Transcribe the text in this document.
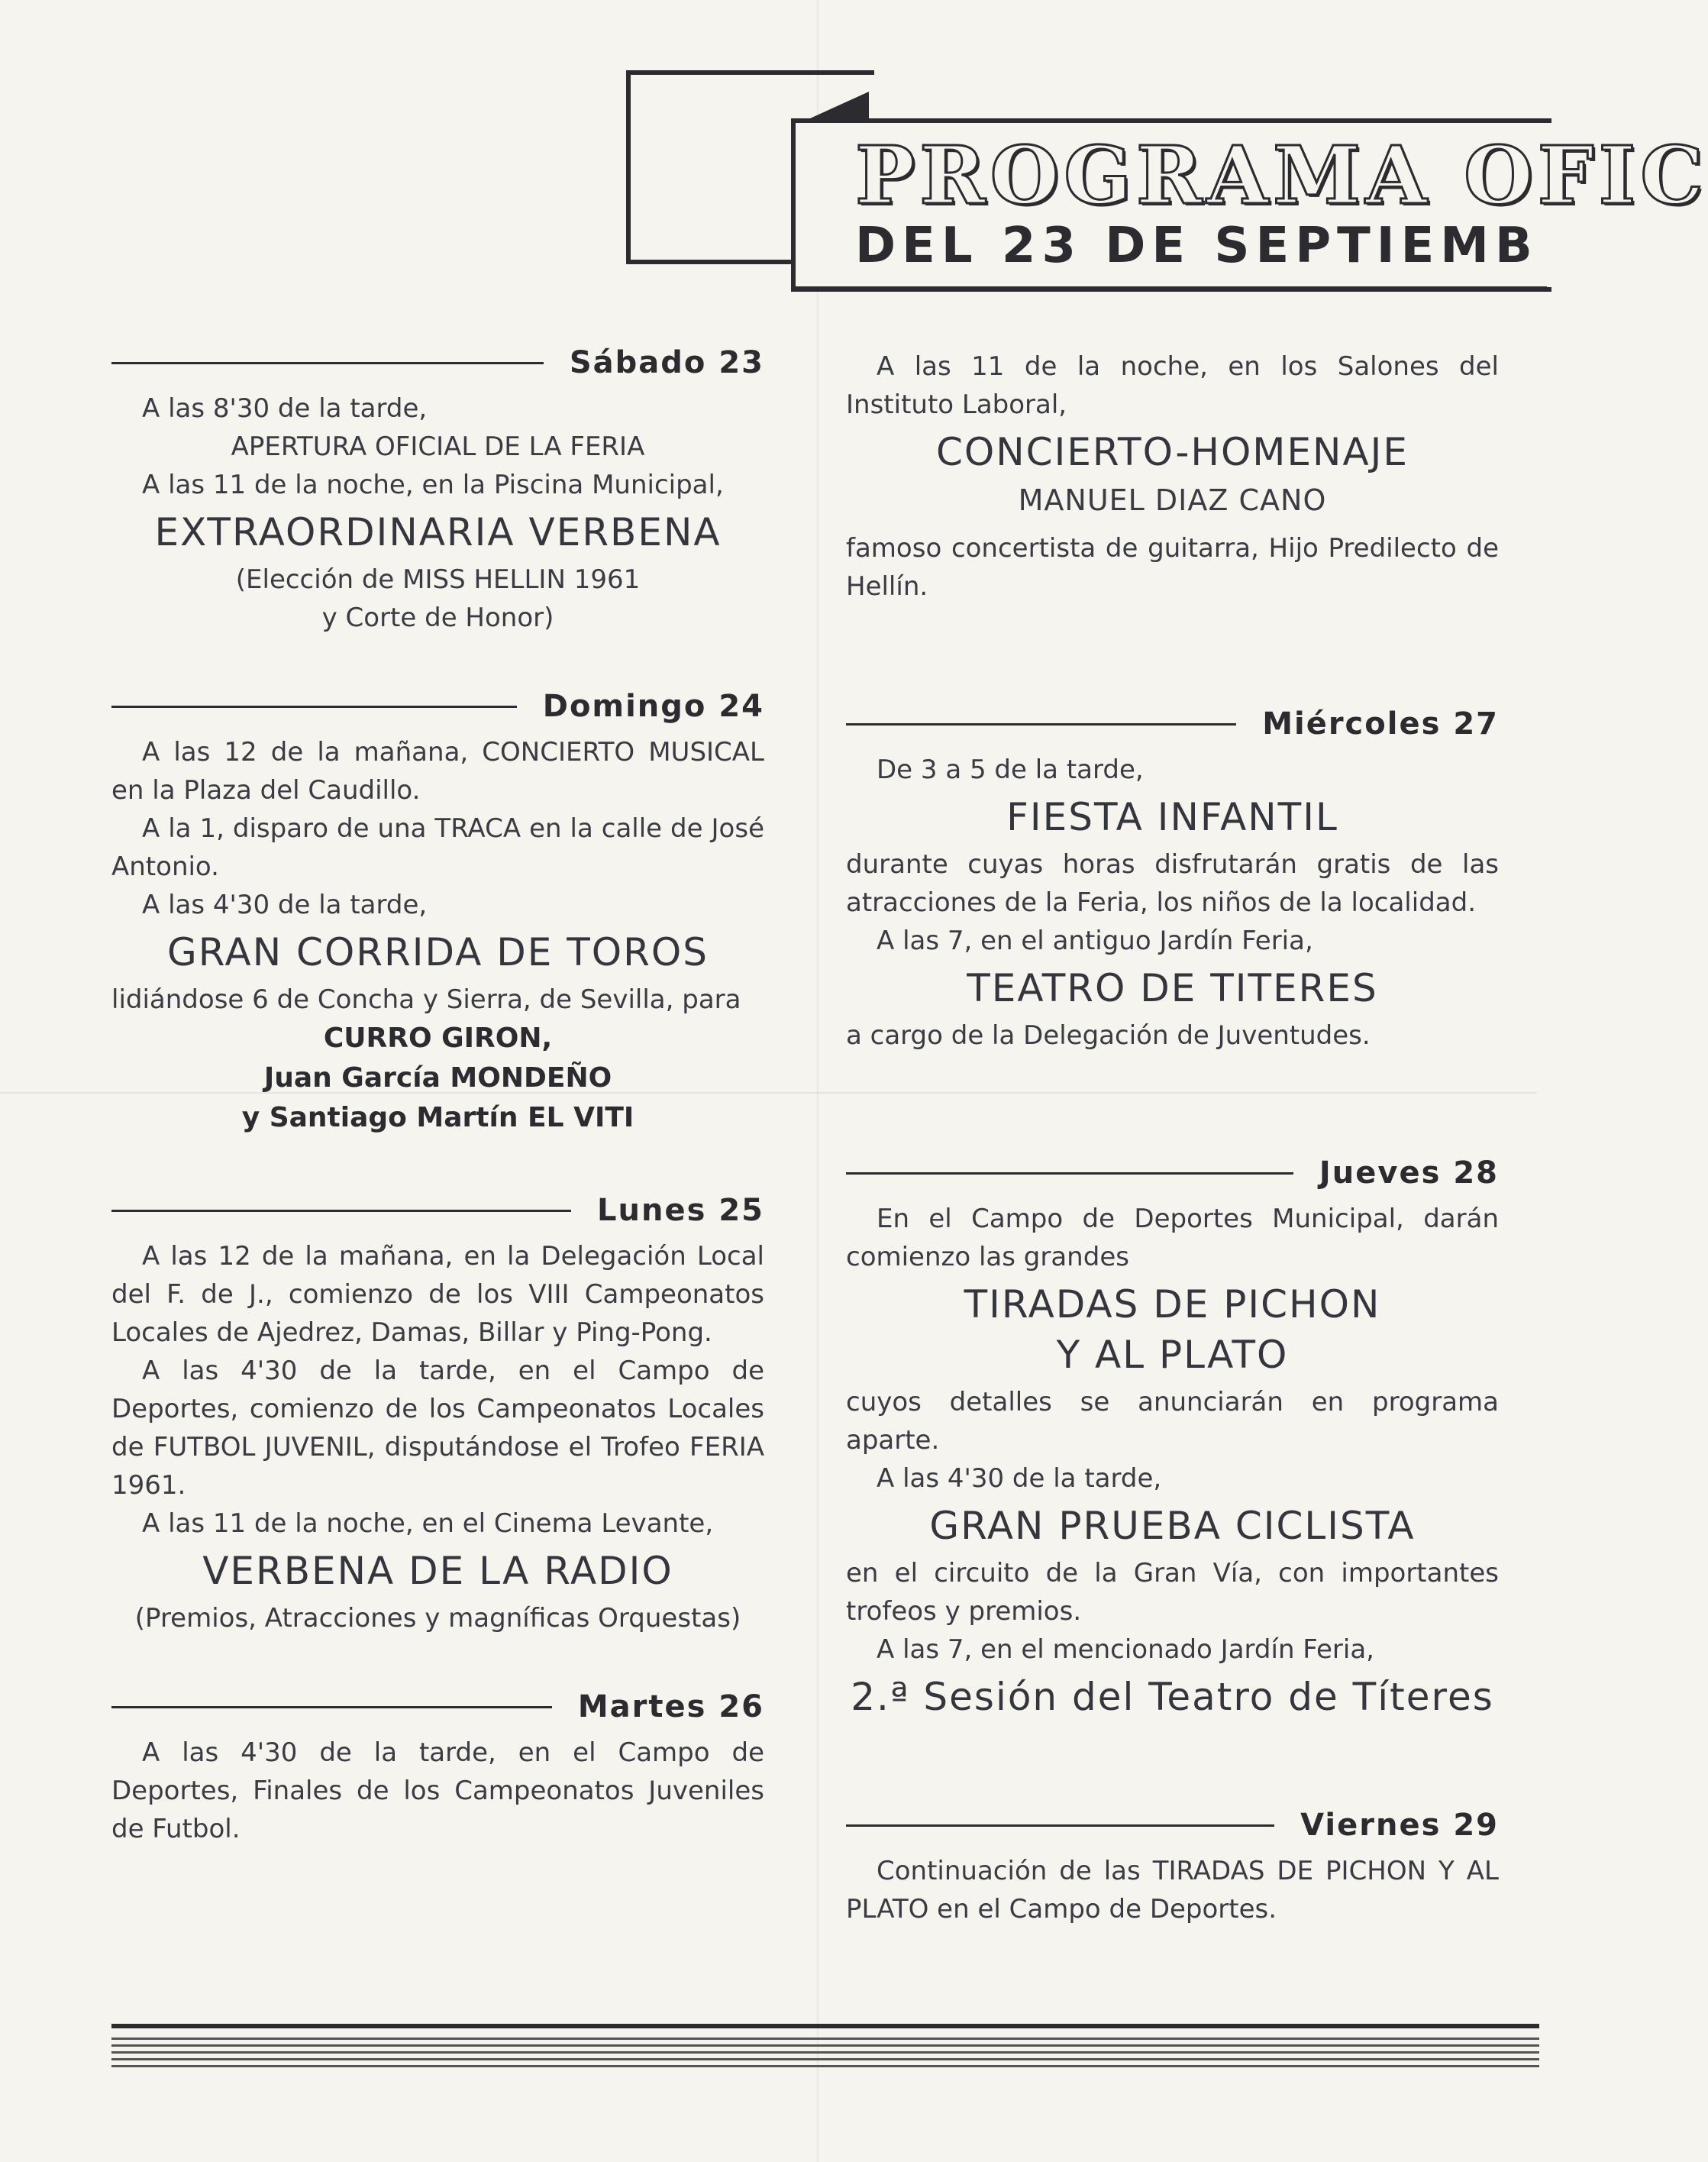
PROGRAMA OFIC
DEL 23 DE SEPTIEMB
Sábado 23

A las 8'30 de la tarde,

APERTURA OFICIAL DE LA FERIA

A las 11 de la noche, en la Piscina Municipal,

EXTRAORDINARIA VERBENA

(Elección de MISS HELLIN 1961

y Corte de Honor)

Domingo 24

A las 12 de la mañana, CONCIERTO MUSICAL en la Plaza del Caudillo.

A la 1, disparo de una TRACA en la calle de José Antonio.

A las 4'30 de la tarde,

GRAN CORRIDA DE TOROS

lidiándose 6 de Concha y Sierra, de Sevilla, para

CURRO GIRON,
Juan García MONDEÑO
y Santiago Martín EL VITI
Lunes 25

A las 12 de la mañana, en la Delegación Local del F. de J., comienzo de los VIII Campeonatos Locales de Ajedrez, Damas, Billar y Ping-Pong.

A las 4'30 de la tarde, en el Campo de Deportes, comienzo de los Campeonatos Locales de FUTBOL JUVENIL, disputándose el Trofeo FERIA 1961.

A las 11 de la noche, en el Cinema Levante,

VERBENA DE LA RADIO

(Premios, Atracciones y magníficas Orquestas)

Martes 26

A las 4'30 de la tarde, en el Campo de Deportes, Finales de los Campeonatos Juveniles de Futbol.

A las 11 de la noche, en los Salones del Instituto Laboral,

CONCIERTO-HOMENAJE
MANUEL DIAZ CANO

famoso concertista de guitarra, Hijo Predilecto de Hellín.

Miércoles 27

De 3 a 5 de la tarde,

FIESTA INFANTIL

durante cuyas horas disfrutarán gratis de las atracciones de la Feria, los niños de la localidad.

A las 7, en el antiguo Jardín Feria,

TEATRO DE TITERES

a cargo de la Delegación de Juventudes.

Jueves 28

En el Campo de Deportes Municipal, darán comienzo las grandes

TIRADAS DE PICHON
Y AL PLATO

cuyos detalles se anunciarán en programa aparte.

A las 4'30 de la tarde,

GRAN PRUEBA CICLISTA

en el circuito de la Gran Vía, con importantes trofeos y premios.

A las 7, en el mencionado Jardín Feria,

2.ª Sesión del Teatro de Títeres
Viernes 29

Continuación de las TIRADAS DE PICHON Y AL PLATO en el Campo de Deportes.
